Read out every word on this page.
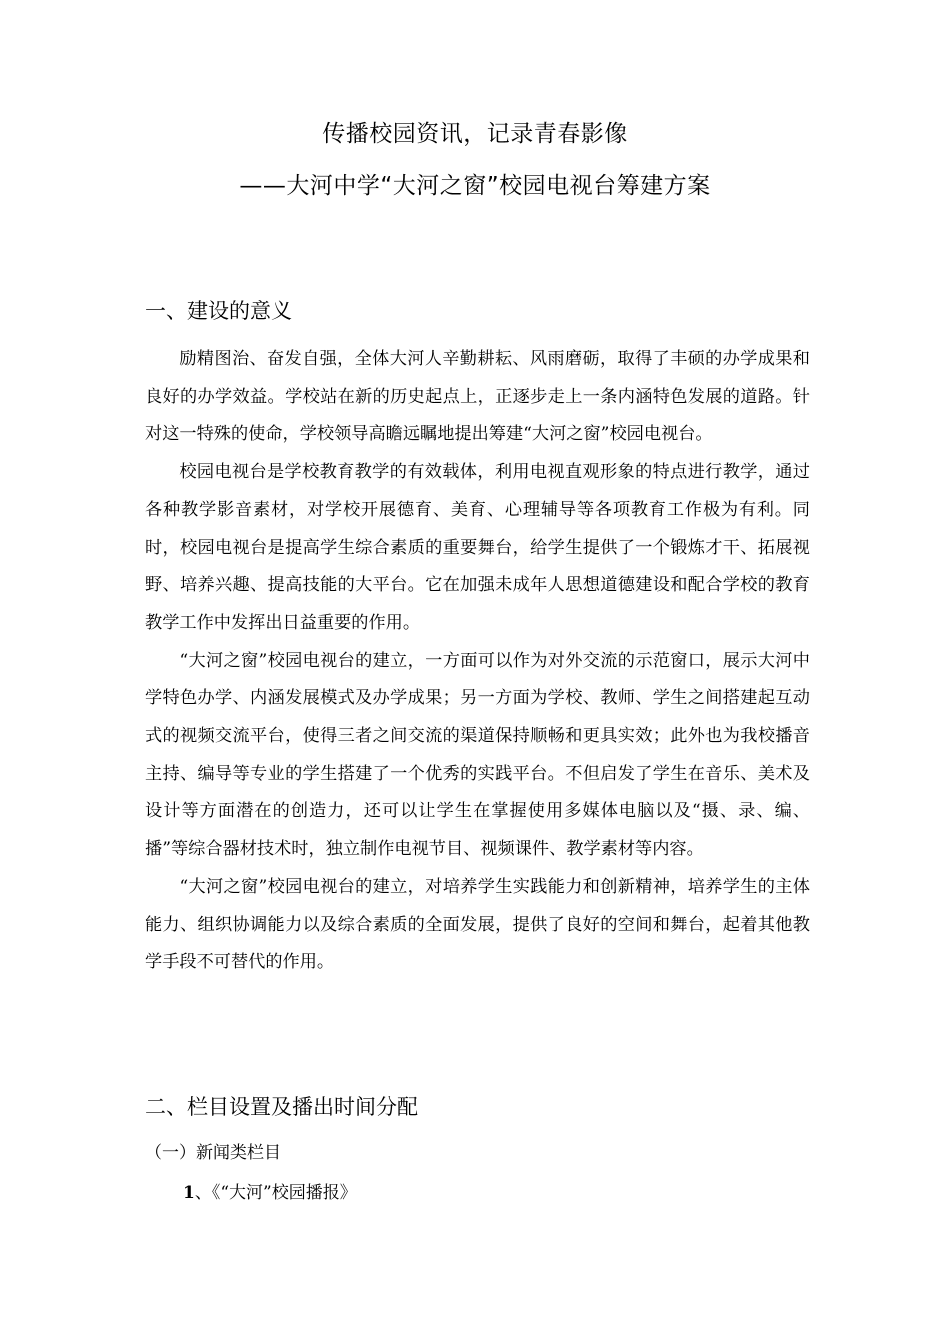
传播校园资讯，记录青春影像
——大河中学“大河之窗”校园电视台筹建方案
一、建设的意义

励精图治、奋发自强，全体大河人辛勤耕耘、风雨磨砺，取得了丰硕的办学成果和良好的办学效益。学校站在新的历史起点上，正逐步走上一条内涵特色发展的道路。针对这一特殊的使命，学校领导高瞻远瞩地提出筹建“大河之窗”校园电视台。

校园电视台是学校教育教学的有效载体，利用电视直观形象的特点进行教学，通过各种教学影音素材，对学校开展德育、美育、心理辅导等各项教育工作极为有利。同时，校园电视台是提高学生综合素质的重要舞台，给学生提供了一个锻炼才干、拓展视野、培养兴趣、提高技能的大平台。它在加强未成年人思想道德建设和配合学校的教育教学工作中发挥出日益重要的作用。

“大河之窗”校园电视台的建立，一方面可以作为对外交流的示范窗口，展示大河中学特色办学、内涵发展模式及办学成果；另一方面为学校、教师、学生之间搭建起互动式的视频交流平台，使得三者之间交流的渠道保持顺畅和更具实效；此外也为我校播音主持、编导等专业的学生搭建了一个优秀的实践平台。不但启发了学生在音乐、美术及设计等方面潜在的创造力，还可以让学生在掌握使用多媒体电脑以及“摄、录、编、播”等综合器材技术时，独立制作电视节目、视频课件、教学素材等内容。

“大河之窗”校园电视台的建立，对培养学生实践能力和创新精神，培养学生的主体能力、组织协调能力以及综合素质的全面发展，提供了良好的空间和舞台，起着其他教学手段不可替代的作用。

二、栏目设置及播出时间分配
（一）新闻类栏目
1、《“大河”校园播报》
